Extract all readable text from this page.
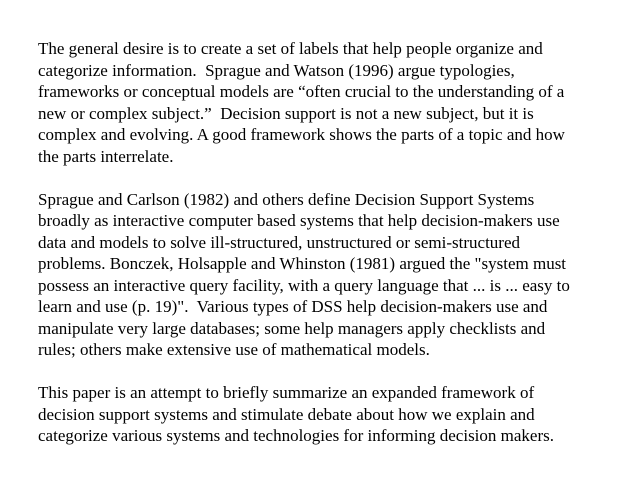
The general desire is to create a set of labels that help people organize and
categorize information.  Sprague and Watson (1996) argue typologies,
frameworks or conceptual models are “often crucial to the understanding of a
new or complex subject.”  Decision support is not a new subject, but it is
complex and evolving. A good framework shows the parts of a topic and how
the parts interrelate.

Sprague and Carlson (1982) and others define Decision Support Systems
broadly as interactive computer based systems that help decision-makers use
data and models to solve ill-structured, unstructured or semi-structured
problems. Bonczek, Holsapple and Whinston (1981) argued the "system must
possess an interactive query facility, with a query language that ... is ... easy to
learn and use (p. 19)".  Various types of DSS help decision-makers use and
manipulate very large databases; some help managers apply checklists and
rules; others make extensive use of mathematical models.

This paper is an attempt to briefly summarize an expanded framework of
decision support systems and stimulate debate about how we explain and
categorize various systems and technologies for informing decision makers.
